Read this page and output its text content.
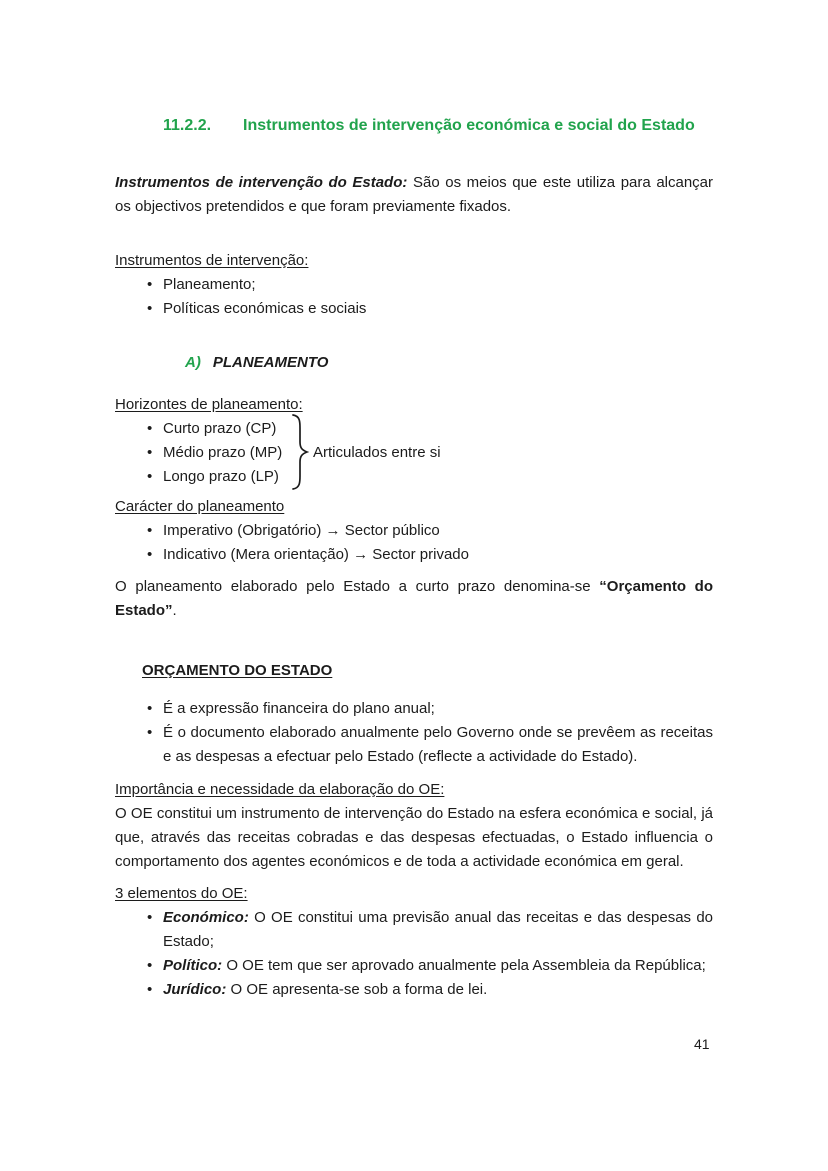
11.2.2. Instrumentos de intervenção económica e social do Estado

Instrumentos de intervenção do Estado: São os meios que este utiliza para alcançar os objectivos pretendidos e que foram previamente fixados.

Instrumentos de intervenção:

• Planeamento;
• Políticas económicas e sociais

A) PLANEAMENTO

Horizontes de planeamento:

• Curto prazo (CP)
• Médio prazo (MP)
• Longo prazo (LP)
Articulados entre si

Carácter do planeamento

• Imperativo (Obrigatório) → Sector público
• Indicativo (Mera orientação) → Sector privado

O planeamento elaborado pelo Estado a curto prazo denomina-se “Orçamento do Estado”.

ORÇAMENTO DO ESTADO
• É a expressão financeira do plano anual;
• É o documento elaborado anualmente pelo Governo onde se prevêem as receitas e as despesas a efectuar pelo Estado (reflecte a actividade do Estado).

Importância e necessidade da elaboração do OE:

O OE constitui um instrumento de intervenção do Estado na esfera económica e social, já que, através das receitas cobradas e das despesas efectuadas, o Estado influencia o comportamento dos agentes económicos e de toda a actividade económica em geral.

3 elementos do OE:

• Económico: O OE constitui uma previsão anual das receitas e das despesas do Estado;
• Político: O OE tem que ser aprovado anualmente pela Assembleia da República;
• Jurídico: O OE apresenta-se sob a forma de lei.
41
